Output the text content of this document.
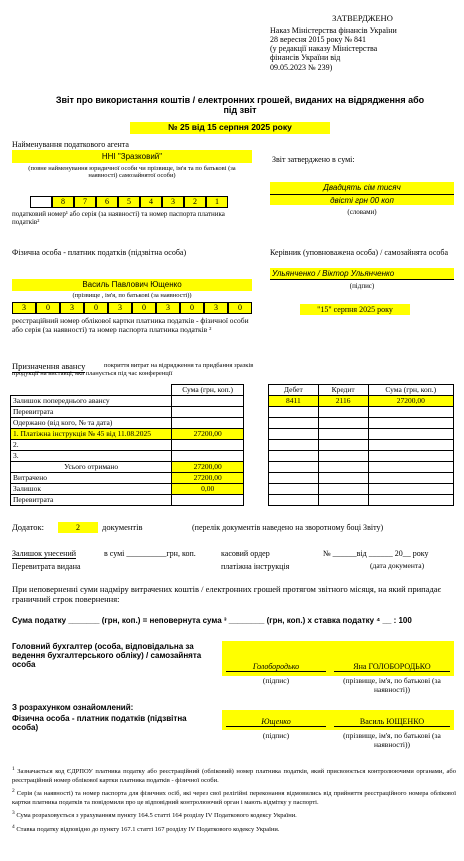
ЗАТВЕРДЖЕНО
Наказ Міністерства фінансів України
28 вересня 2015 року № 841
(у редакції наказу Міністерства
фінансів України від
09.05.2023 № 239)
Звіт про використання коштів / електронних грошей, виданих на відрядження або під звіт
№ 25 від 15 серпня 2025 року
Найменування податкового агента
ННІ "Зразковий"
(повне найменування юридичної особи чи прізвище, ім'я та по батькові (за наявності) самозайнятої особи)
8	7	6	5	4	3	2	1
податковий номер¹ або серія (за наявності) та номер паспорта платника податків²
Звіт затверджено в сумі:
Двадцять сім тисяч
двісті грн 00 коп
(словами)
Фізична особа - платник податків (підзвітна особа)
Василь Павлович Ющенко
(прізвище , ім'я, по батькові (за наявності))
3	0	3	0	3	0	3	0	3	0
реєстраційний номер облікової картки платника податків - фізичної особи або серія (за наявності) та номер паспорта платника податків ²
Керівник (уповноважена особа) / самозайнята особа
Ульянченко / Віктор Ульянченко
(підпис)
"15" серпня 2025 року
Призначення авансу	покриття витрат на відрядження та придбання зразків продукції на виставці, яка планується під час конференції
	Сума (грн, коп.)
Залишок попереднього авансу	
Перевитрата	
Одержано (від кого, № та дата)	
1. Платіжна інструкція № 45 від 11.08.2025	27200,00
2.	
3.	
Усього отримано	27200,00
Витрачено	27200,00
Залишок	0,00
Перевитрата	
Дебет	Кредит	Сума (грн, коп.)
8411	2116	27200,00

Додаток:	2	документів	(перелік документів наведено на зворотному боці Звіту)
Залишок унесений
Перевитрата видана
в сумі __________грн, коп.	касовий ордер
платіжна інструкція
№ ______від ______ 20__ року
(дата документа)
При неповерненні суми надміру витрачених коштів / електронних грошей протягом звітного місяця, на який припадає граничний строк повернення:
Сума податку _______ (грн, коп.) = неповернута сума ³ ________ (грн, коп.) х ставка податку ⁴ __ : 100
Головний бухгалтер (особа, відповідальна за ведення бухгалтерського обліку) / самозайнята особа	Голобородько	Яна ГОЛОБОРОДЬКО
(підпис)	(прізвище, ім'я, по батькові (за наявності))
З розрахунком ознайомлений:
Фізична особа - платник податків (підзвітна особа)
Ющенко	Василь ЮЩЕНКО
(підпис)	(прізвище, ім'я, по батькові (за наявності))
$^1$ Зазначається код ЄДРПОУ платника податку або реєстраційний (обліковий) номер платника податків, який присвоюється контролюючими органами, або реєстраційний номер облікової картки платника податків - фізичної особи.
$^2$ Серія (за наявності) та номер паспорта для фізичних осіб, які через свої релігійні переконання відмовились від прийняття реєстраційного номера облікової картки платника податків та повідомили про це відповідний контролюючий орган і мають відмітку у паспорті.
$^3$ Сума розраховується з урахуванням пункту 164.5 статті 164 розділу IV Податкового кодексу України.
$^4$ Ставка податку відповідно до пункту 167.1 статті 167 розділу IV Податкового кодексу України.
